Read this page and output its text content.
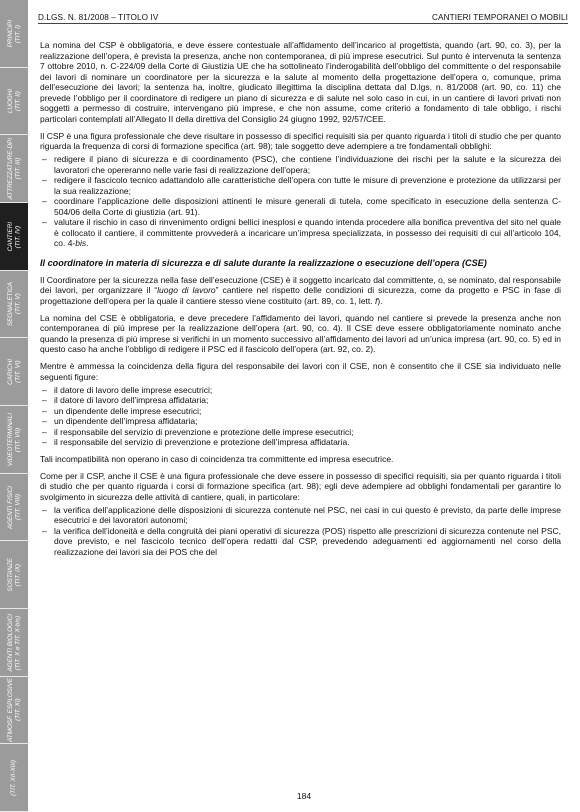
PRINCIPI (TIT. I)
LUOGHI (TIT. II)
ATTREZZATURE-DPI (TIT. III)
CANTIERI (TIT. IV)
SEGNALETICA (TIT. V)
CARICHI (TIT. VI)
VIDEOTERMINALI (TIT. VII)
AGENTI FISICI (TIT. VIII)
SOSTANZE (TIT. IX)
AGENTI BIOLOGICI (TIT. X e TIT. X-bis)
ATMOSF. ESPLOSIVE (TIT. XI)
(TIT. XII-XIII)
D.LGS. N. 81/2008 – TITOLO IV	CANTIERI TEMPORANEI O MOBILI

La nomina del CSP è obbligatoria, e deve essere contestuale all’affidamento dell’incarico al progettista, quando (art. 90, co. 3), per la realizzazione dell’opera, è prevista la presenza, anche non contemporanea, di più imprese esecutrici. Sul punto è intervenuta la sentenza 7 ottobre 2010, n. C-224/09 della Corte di Giustizia UE che ha sottolineato l’inderogabilità dell’obbligo del committente o del responsabile dei lavori di nominare un coordinatore per la sicurezza e la salute al momento della progettazione dell’opera o, comunque, prima dell’esecuzione dei lavori; la sentenza ha, inoltre, giudicato illegittima la disciplina dettata dal D.lgs. n. 81/2008 (art. 90, co. 11) che prevede l’obbligo per il coordinatore di redigere un piano di sicurezza e di salute nel solo caso in cui, in un cantiere di lavori privati non soggetti a permesso di costruire, intervengano più imprese, e che non assume, come criterio a fondamento di tale obbligo, i rischi particolari contemplati all’Allegato II della direttiva del Consiglio 24 giugno 1992, 92/57/CEE.

Il CSP è una figura professionale che deve risultare in possesso di specifici requisiti sia per quanto riguarda i titoli di studio che per quanto riguarda la frequenza di corsi di formazione specifica (art. 98); tale soggetto deve adempiere a tre fondamentali obblighi:

– redigere il piano di sicurezza e di coordinamento (PSC), che contiene l’individuazione dei rischi per la salute e la sicurezza dei lavoratori che opereranno nelle varie fasi di realizzazione dell’opera;
– redigere il fascicolo tecnico adattandolo alle caratteristiche dell’opera con tutte le misure di prevenzione e protezione da utilizzarsi per la sua realizzazione;
– coordinare l’applicazione delle disposizioni attinenti le misure generali di tutela, come specificato in esecuzione della sentenza C-504/06 della Corte di giustizia (art. 91).
– valutare il rischio in caso di rinvenimento ordigni bellici inesplosi e quando intenda procedere alla bonifica preventiva del sito nel quale è collocato il cantiere, il committente provvederà a incaricare un’impresa specializzata, in possesso dei requisiti di cui all’articolo 104, co. 4-bis.
Il coordinatore in materia di sicurezza e di salute durante la realizzazione o esecuzione dell’opera (CSE)

Il Coordinatore per la sicurezza nella fase dell’esecuzione (CSE) è il soggetto incaricato dal committente, o, se nominato, dal responsabile dei lavori, per organizzare il “luogo di lavoro” cantiere nel rispetto delle condizioni di sicurezza, come da progetto e PSC in fase di progettazione dell’opera per la quale il cantiere stesso viene costituito (art. 89, co. 1, lett. f).

La nomina del CSE è obbligatoria, e deve precedere l’affidamento dei lavori, quando nel cantiere si prevede la presenza anche non contemporanea di più imprese per la realizzazione dell’opera (art. 90, co. 4). Il CSE deve essere obbligatoriamente nominato anche quando la presenza di più imprese si verifichi in un momento successivo all’affidamento dei lavori ad un’unica impresa (art. 90, co. 5) ed in questo caso ha anche l’obbligo di redigere il PSC ed il fascicolo dell’opera (art. 92, co. 2).

Mentre è ammessa la coincidenza della figura del responsabile dei lavori con il CSE, non è consentito che il CSE sia individuato nelle seguenti figure:

– il datore di lavoro delle imprese esecutrici;
– il datore di lavoro dell’impresa affidataria;
– un dipendente delle imprese esecutrici;
– un dipendente dell’impresa affidataria;
– il responsabile del servizio di prevenzione e protezione delle imprese esecutrici;
– il responsabile del servizio di prevenzione e protezione dell’impresa affidataria.

Tali incompatibilità non operano in caso di coincidenza tra committente ed impresa esecutrice.

Come per il CSP, anche il CSE è una figura professionale che deve essere in possesso di specifici requisiti, sia per quanto riguarda i titoli di studio che per quanto riguarda i corsi di formazione specifica (art. 98); egli deve adempiere ad obblighi fondamentali per garantire lo svolgimento in sicurezza delle attività di cantiere, quali, in particolare:

– la verifica dell’applicazione delle disposizioni di sicurezza contenute nel PSC, nei casi in cui questo è previsto, da parte delle imprese esecutrici e dei lavoratori autonomi;
– la verifica dell’idoneità e della congruità dei piani operativi di sicurezza (POS) rispetto alle prescrizioni di sicurezza contenute nel PSC, dove previsto, e nel fascicolo tecnico dell’opera redatti dal CSP, prevedendo adeguamenti ed aggiornamenti nel corso della realizzazione dei lavori sia dei POS che del
184
